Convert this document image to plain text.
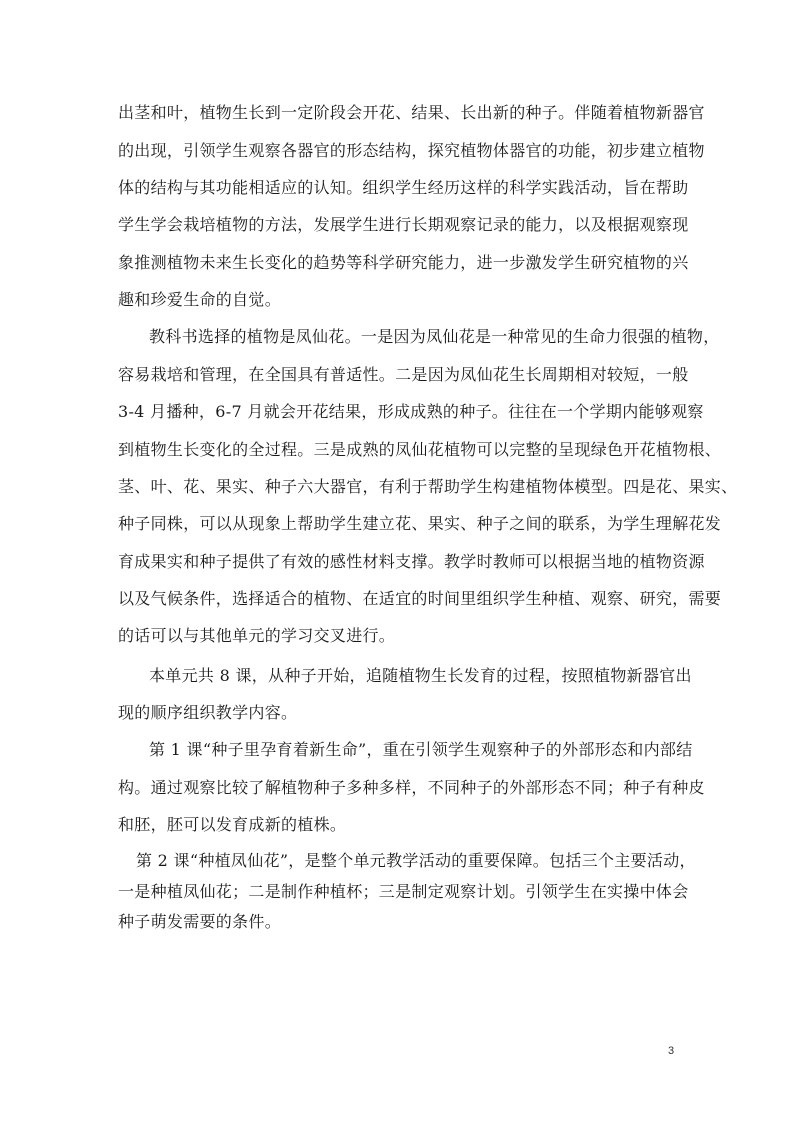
出茎和叶，植物生长到一定阶段会开花、结果、长出新的种子。伴随着植物新器官
的出现，引领学生观察各器官的形态结构，探究植物体器官的功能，初步建立植物
体的结构与其功能相适应的认知。组织学生经历这样的科学实践活动，旨在帮助
学生学会栽培植物的方法，发展学生进行长期观察记录的能力，以及根据观察现
象推测植物未来生长变化的趋势等科学研究能力，进一步激发学生研究植物的兴
趣和珍爱生命的自觉。
教科书选择的植物是凤仙花。一是因为凤仙花是一种常见的生命力很强的植物，
容易栽培和管理，在全国具有普适性。二是因为凤仙花生长周期相对较短，一般
3-4 月播种，6-7 月就会开花结果，形成成熟的种子。往往在一个学期内能够观察
到植物生长变化的全过程。三是成熟的凤仙花植物可以完整的呈现绿色开花植物根、
茎、叶、花、果实、种子六大器官，有利于帮助学生构建植物体模型。四是花、果实、
种子同株，可以从现象上帮助学生建立花、果实、种子之间的联系，为学生理解花发
育成果实和种子提供了有效的感性材料支撑。教学时教师可以根据当地的植物资源
以及气候条件，选择适合的植物、在适宜的时间里组织学生种植、观察、研究，需要
的话可以与其他单元的学习交叉进行。
本单元共 8 课，从种子开始，追随植物生长发育的过程，按照植物新器官出
现的顺序组织教学内容。
第 1 课“种子里孕育着新生命”，重在引领学生观察种子的外部形态和内部结
构。通过观察比较了解植物种子多种多样，不同种子的外部形态不同；种子有种皮
和胚，胚可以发育成新的植株。
第 2 课“种植凤仙花”，是整个单元教学活动的重要保障。包括三个主要活动，
一是种植凤仙花；二是制作种植杯；三是制定观察计划。引领学生在实操中体会
种子萌发需要的条件。
3
